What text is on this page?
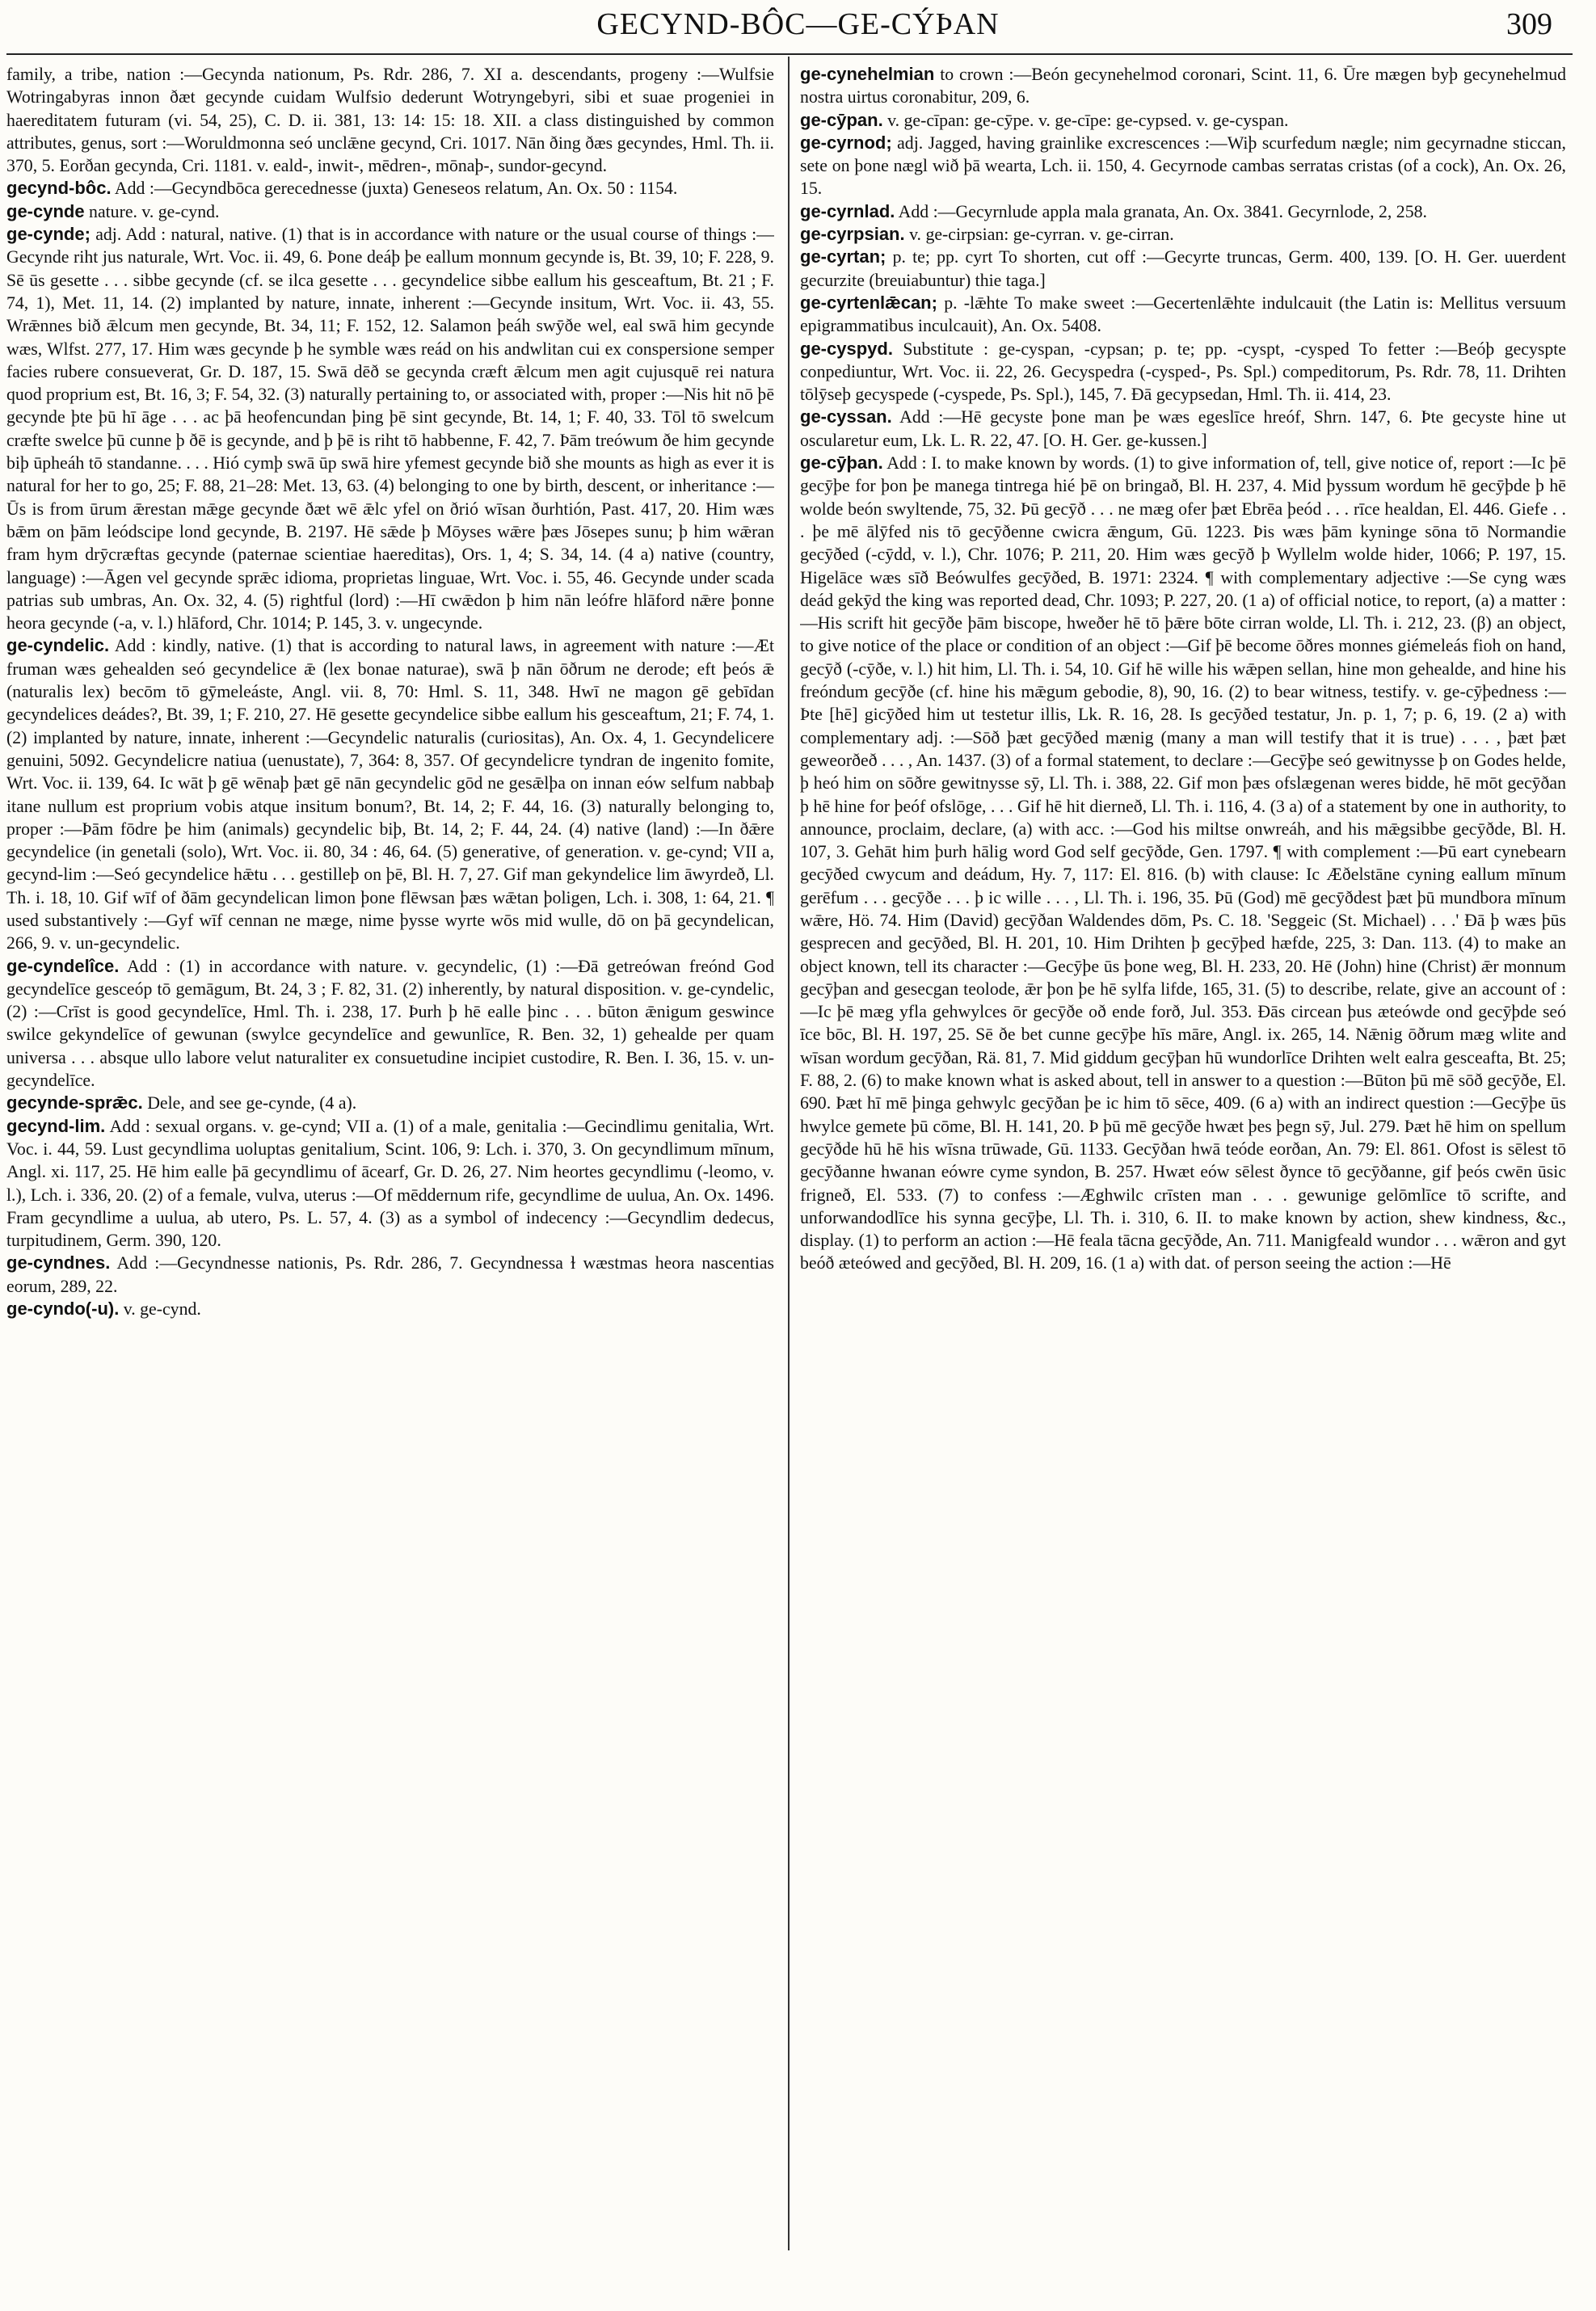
GECYND-BÔC—GE-CÝÞAN	309

family, a tribe, nation :—Gecynda nationum, Ps. Rdr. 286, 7. XI a. descendants, progeny :—Wulfsie Wotringabyras innon ðæt gecynde cuidam Wulfsio dederunt Wotryngebyri, sibi et suae progeniei in haereditatem futuram (vi. 54, 25), C. D. ii. 381, 13: 14: 15: 18. XII. a class distinguished by common attributes, genus, sort :—Woruldmonna seó unclǣne gecynd, Cri. 1017. Nān ðing ðæs gecyndes, Hml. Th. ii. 370, 5. Eorðan gecynda, Cri. 1181. v. eald-, inwit-, mēdren-, mōnaþ-, sundor-gecynd.

gecynd-bôc. Add :—Gecyndbōca gerecednesse (juxta) Geneseos relatum, An. Ox. 50 : 1154.

ge-cynde nature. v. ge-cynd.

ge-cynde; adj. Add : natural, native. (1) that is in accordance with nature or the usual course of things :—Gecynde riht jus naturale, Wrt. Voc. ii. 49, 6. Þone deáþ þe eallum monnum gecynde is, Bt. 39, 10; F. 228, 9. Sē ūs gesette . . . sibbe gecynde (cf. se ilca gesette . . . gecyndelice sibbe eallum his gesceaftum, Bt. 21 ; F. 74, 1), Met. 11, 14. (2) implanted by nature, innate, inherent :—Gecynde insitum, Wrt. Voc. ii. 43, 55. Wrǣnnes bið ǣlcum men gecynde, Bt. 34, 11; F. 152, 12. Salamon þeáh swȳðe wel, eal swā him gecynde wæs, Wlfst. 277, 17. Him wæs gecynde þ he symble wæs reád on his andwlitan cui ex conspersione semper facies rubere consueverat, Gr. D. 187, 15. Swā dēð se gecynda cræft ǣlcum men agit cujusquē rei natura quod proprium est, Bt. 16, 3; F. 54, 32. (3) naturally pertaining to, or associated with, proper :—Nis hit nō þē gecynde þte þū hī āge . . . ac þā heofencundan þing þē sint gecynde, Bt. 14, 1; F. 40, 33. Tōl tō swelcum cræfte swelce þū cunne þ ðē is gecynde, and þ þē is riht tō habbenne, F. 42, 7. Þām treówum ðe him gecynde biþ ūpheáh tō standanne. . . . Hió cymþ swā ūp swā hire yfemest gecynde bið she mounts as high as ever it is natural for her to go, 25; F. 88, 21–28: Met. 13, 63. (4) belonging to one by birth, descent, or inheritance :—Ūs is from ūrum ǣrestan mǣge gecynde ðæt wē ǣlc yfel on ðrió wīsan ðurhtión, Past. 417, 20. Him wæs bǣm on þām leódscipe lond gecynde, B. 2197. Hē sǣde þ Mōyses wǣre þæs Jōsepes sunu; þ him wǣran fram hym drȳcræftas gecynde (paternae scientiae haereditas), Ors. 1, 4; S. 34, 14. (4 a) native (country, language) :—Āgen vel gecynde sprǣc idioma, proprietas linguae, Wrt. Voc. i. 55, 46. Gecynde under scada patrias sub umbras, An. Ox. 32, 4. (5) rightful (lord) :—Hī cwǣdon þ him nān leófre hlāford nǣre þonne heora gecynde (-a, v. l.) hlāford, Chr. 1014; P. 145, 3. v. ungecynde.

ge-cyndelic. Add : kindly, native. (1) that is according to natural laws, in agreement with nature :—Æt fruman wæs gehealden seó gecyndelice ǣ (lex bonae naturae), swā þ nān ōðrum ne derode; eft þeós ǣ (naturalis lex) becōm tō gȳmeleáste, Angl. vii. 8, 70: Hml. S. 11, 348. Hwī ne magon gē gebīdan gecyndelices deádes?, Bt. 39, 1; F. 210, 27. Hē gesette gecyndelice sibbe eallum his gesceaftum, 21; F. 74, 1. (2) implanted by nature, innate, inherent :—Gecyndelic naturalis (curiositas), An. Ox. 4, 1. Gecyndelicere genuini, 5092. Gecyndelicre natiua (uenustate), 7, 364: 8, 357. Of gecyndelicre tyndran de ingenito fomite, Wrt. Voc. ii. 139, 64. Ic wāt þ gē wēnaþ þæt gē nān gecyndelic gōd ne gesǣlþa on innan eów selfum nabbaþ itane nullum est proprium vobis atque insitum bonum?, Bt. 14, 2; F. 44, 16. (3) naturally belonging to, proper :—Þām fōdre þe him (animals) gecyndelic biþ, Bt. 14, 2; F. 44, 24. (4) native (land) :—In ðǣre gecyndelice (in genetali (solo), Wrt. Voc. ii. 80, 34 : 46, 64. (5) generative, of generation. v. ge-cynd; VII a, gecynd-lim :—Seó gecyndelice hǣtu . . . gestilleþ on þē, Bl. H. 7, 27. Gif man gekyndelice lim āwyrdeð, Ll. Th. i. 18, 10. Gif wīf of ðām gecyndelican limon þone flēwsan þæs wǣtan þoligen, Lch. i. 308, 1: 64, 21. ¶ used substantively :—Gyf wīf cennan ne mæge, nime þysse wyrte wōs mid wulle, dō on þā gecyndelican, 266, 9. v. un-gecyndelic.

ge-cyndelîce. Add : (1) in accordance with nature. v. gecyndelic, (1) :—Ðā getreówan freónd God gecyndelīce gesceóp tō gemāgum, Bt. 24, 3 ; F. 82, 31. (2) inherently, by natural disposition. v. ge-cyndelic, (2) :—Crīst is good gecyndelīce, Hml. Th. i. 238, 17. Þurh þ hē ealle þinc . . . būton ǣnigum geswince swilce gekyndelīce of gewunan (swylce gecyndelīce and gewunlīce, R. Ben. 32, 1) gehealde per quam universa . . . absque ullo labore velut naturaliter ex consuetudine incipiet custodire, R. Ben. I. 36, 15. v. un-gecyndelīce.

gecynde-sprǣc. Dele, and see ge-cynde, (4 a).

gecynd-lim. Add : sexual organs. v. ge-cynd; VII a. (1) of a male, genitalia :—Gecindlimu genitalia, Wrt. Voc. i. 44, 59. Lust gecyndlima uoluptas genitalium, Scint. 106, 9: Lch. i. 370, 3. On gecyndlimum mīnum, Angl. xi. 117, 25. Hē him ealle þā gecyndlimu of ācearf, Gr. D. 26, 27. Nim heortes gecyndlimu (-leomo, v. l.), Lch. i. 336, 20. (2) of a female, vulva, uterus :—Of mēddernum rife, gecyndlime de uulua, An. Ox. 1496. Fram gecyndlime a uulua, ab utero, Ps. L. 57, 4. (3) as a symbol of indecency :—Gecyndlim dedecus, turpitudinem, Germ. 390, 120.

ge-cyndnes. Add :—Gecyndnesse nationis, Ps. Rdr. 286, 7. Gecyndnessa ɫ wæstmas heora nascentias eorum, 289, 22.

ge-cyndo(-u). v. ge-cynd.

ge-cynehelmian to crown :—Beón gecynehelmod coronari, Scint. 11, 6. Ūre mægen byþ gecynehelmud nostra uirtus coronabitur, 209, 6.

ge-cȳpan. v. ge-cīpan: ge-cȳpe. v. ge-cīpe: ge-cypsed. v. ge-cyspan.

ge-cyrnod; adj. Jagged, having grainlike excrescences :—Wiþ scurfedum nægle; nim gecyrnadne sticcan, sete on þone nægl wið þā wearta, Lch. ii. 150, 4. Gecyrnode cambas serratas cristas (of a cock), An. Ox. 26, 15.

ge-cyrnlad. Add :—Gecyrnlude appla mala granata, An. Ox. 3841. Gecyrnlode, 2, 258.

ge-cyrpsian. v. ge-cirpsian: ge-cyrran. v. ge-cirran.

ge-cyrtan; p. te; pp. cyrt To shorten, cut off :—Gecyrte truncas, Germ. 400, 139. [O. H. Ger. uuerdent gecurzite (breuiabuntur) thie taga.]

ge-cyrtenlǣcan; p. -lǣhte To make sweet :—Gecertenlǣhte indulcauit (the Latin is: Mellitus versuum epigrammatibus inculcauit), An. Ox. 5408.

ge-cyspyd. Substitute : ge-cyspan, -cypsan; p. te; pp. -cyspt, -cysped To fetter :—Beóþ gecyspte conpediuntur, Wrt. Voc. ii. 22, 26. Gecyspedra (-cysped-, Ps. Spl.) compeditorum, Ps. Rdr. 78, 11. Drihten tōlȳseþ gecyspede (-cyspede, Ps. Spl.), 145, 7. Ðā gecypsedan, Hml. Th. ii. 414, 23.

ge-cyssan. Add :—Hē gecyste þone man þe wæs egeslīce hreóf, Shrn. 147, 6. Þte gecyste hine ut oscularetur eum, Lk. L. R. 22, 47. [O. H. Ger. ge-kussen.]

ge-cȳþan. Add : I. to make known by words. (1) to give information of, tell, give notice of, report :—Ic þē gecȳþe for þon þe manega tintrega hié þē on bringað, Bl. H. 237, 4. Mid þyssum wordum hē gecȳþde þ hē wolde beón swyltende, 75, 32. Þū gecȳð . . . ne mæg ofer þæt Ebrēa þeód . . . rīce healdan, El. 446. Giefe . . . þe mē ālȳfed nis tō gecȳðenne cwicra ǣngum, Gū. 1223. Þis wæs þām kyninge sōna tō Normandie gecȳðed (-cȳdd, v. l.), Chr. 1076; P. 211, 20. Him wæs gecȳð þ Wyllelm wolde hider, 1066; P. 197, 15. Higelāce wæs sīð Beówulfes gecȳðed, B. 1971: 2324. ¶ with complementary adjective :—Se cyng wæs deád gekȳd the king was reported dead, Chr. 1093; P. 227, 20. (1 a) of official notice, to report, (a) a matter :—His scrift hit gecȳðe þām biscope, hweðer hē tō þǣre bōte cirran wolde, Ll. Th. i. 212, 23. (β) an object, to give notice of the place or condition of an object :—Gif þē become ōðres monnes giémeleás fioh on hand, gecȳð (-cȳðe, v. l.) hit him, Ll. Th. i. 54, 10. Gif hē wille his wǣpen sellan, hine mon gehealde, and hine his freóndum gecȳðe (cf. hine his mǣgum gebodie, 8), 90, 16. (2) to bear witness, testify. v. ge-cȳþedness :—Þte [hē] gicȳðed him ut testetur illis, Lk. R. 16, 28. Is gecȳðed testatur, Jn. p. 1, 7; p. 6, 19. (2 a) with complementary adj. :—Sōð þæt gecȳðed mænig (many a man will testify that it is true) . . . , þæt þæt geweorðeð . . . , An. 1437. (3) of a formal statement, to declare :—Gecȳþe seó gewitnysse þ on Godes helde, þ heó him on sōðre gewitnysse sȳ, Ll. Th. i. 388, 22. Gif mon þæs ofslægenan weres bidde, hē mōt gecȳðan þ hē hine for þeóf ofslōge, . . . Gif hē hit dierneð, Ll. Th. i. 116, 4. (3 a) of a statement by one in authority, to announce, proclaim, declare, (a) with acc. :—God his miltse onwreáh, and his mǣgsibbe gecȳðde, Bl. H. 107, 3. Gehāt him þurh hālig word God self gecȳðde, Gen. 1797. ¶ with complement :—Þū eart cynebearn gecȳðed cwycum and deádum, Hy. 7, 117: El. 816. (b) with clause: Ic Æðelstāne cyning eallum mīnum gerēfum . . . gecȳðe . . . þ ic wille . . . , Ll. Th. i. 196, 35. Þū (God) mē gecȳðdest þæt þū mundbora mīnum wǣre, Hö. 74. Him (David) gecȳðan Waldendes dōm, Ps. C. 18. 'Seggeic (St. Michael) . . .' Ðā þ wæs þūs gesprecen and gecȳðed, Bl. H. 201, 10. Him Drihten þ gecȳþed hæfde, 225, 3: Dan. 113. (4) to make an object known, tell its character :—Gecȳþe ūs þone weg, Bl. H. 233, 20. Hē (John) hine (Christ) ǣr monnum gecȳþan and gesecgan teolode, ǣr þon þe hē sylfa lifde, 165, 31. (5) to describe, relate, give an account of :—Ic þē mæg yfla gehwylces ōr gecȳðe oð ende forð, Jul. 353. Ðās circean þus æteówde ond gecȳþde seó īce bōc, Bl. H. 197, 25. Sē ðe bet cunne gecȳþe hīs māre, Angl. ix. 265, 14. Nǣnig ōðrum mæg wlite and wīsan wordum gecȳðan, Rä. 81, 7. Mid giddum gecȳþan hū wundorlīce Drihten welt ealra gesceafta, Bt. 25; F. 88, 2. (6) to make known what is asked about, tell in answer to a question :—Būton þū mē sōð gecȳðe, El. 690. Þæt hī mē þinga gehwylc gecȳðan þe ic him tō sēce, 409. (6 a) with an indirect question :—Gecȳþe ūs hwylce gemete þū cōme, Bl. H. 141, 20. Þ þū mē gecȳðe hwæt þes þegn sȳ, Jul. 279. Þæt hē him on spellum gecȳðde hū hē his wīsna trūwade, Gū. 1133. Gecȳðan hwā teóde eorðan, An. 79: El. 861. Ofost is sēlest tō gecȳðanne hwanan eówre cyme syndon, B. 257. Hwæt eów sēlest ðynce tō gecȳðanne, gif þeós cwēn ūsic frigneð, El. 533. (7) to confess :—Æghwilc crīsten man . . . gewunige gelōmlīce tō scrifte, and unforwandodlīce his synna gecȳþe, Ll. Th. i. 310, 6. II. to make known by action, shew kindness, &c., display. (1) to perform an action :—Hē feala tācna gecȳðde, An. 711. Manigfeald wundor . . . wǣron and gyt beóð æteówed and gecȳðed, Bl. H. 209, 16. (1 a) with dat. of person seeing the action :—Hē
